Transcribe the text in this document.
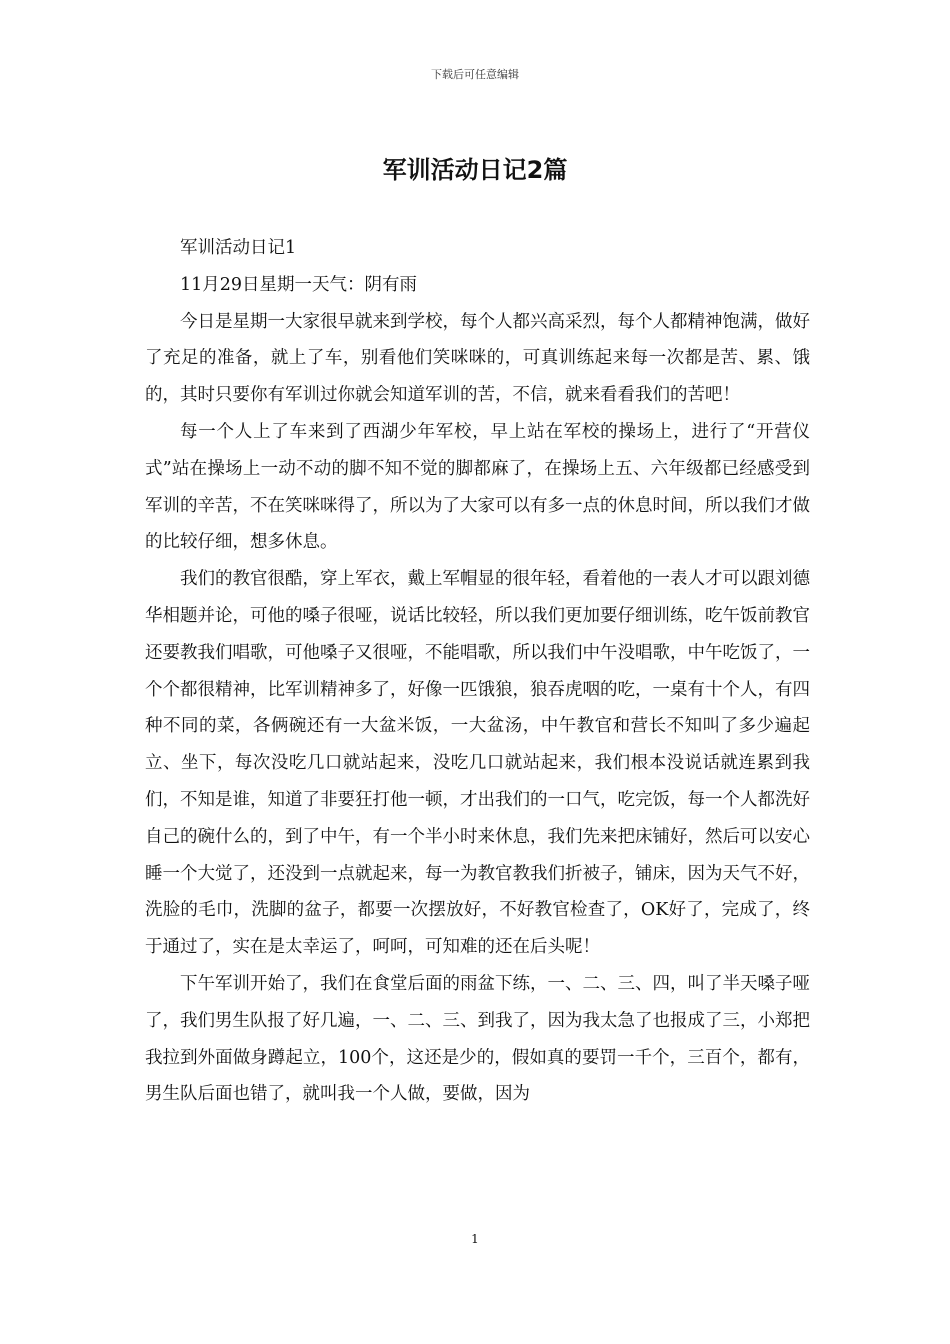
下载后可任意编辑
军训活动日记2篇

军训活动日记1

11月29日星期一天气：阴有雨

今日是星期一大家很早就来到学校，每个人都兴高采烈，每个人都精神饱满，做好了充足的准备，就上了车，别看他们笑咪咪的，可真训练起来每一次都是苦、累、饿的，其时只要你有军训过你就会知道军训的苦，不信，就来看看我们的苦吧！

每一个人上了车来到了西湖少年军校，早上站在军校的操场上，进行了“开营仪式”站在操场上一动不动的脚不知不觉的脚都麻了，在操场上五、六年级都已经感受到军训的辛苦，不在笑咪咪得了，所以为了大家可以有多一点的休息时间，所以我们才做的比较仔细，想多休息。

我们的教官很酷，穿上军衣，戴上军帽显的很年轻，看着他的一表人才可以跟刘德华相题并论，可他的嗓子很哑，说话比较轻，所以我们更加要仔细训练，吃午饭前教官还要教我们唱歌，可他嗓子又很哑，不能唱歌，所以我们中午没唱歌，中午吃饭了，一个个都很精神，比军训精神多了，好像一匹饿狼，狼吞虎咽的吃，一桌有十个人，有四种不同的菜，各俩碗还有一大盆米饭，一大盆汤，中午教官和营长不知叫了多少遍起立、坐下，每次没吃几口就站起来，没吃几口就站起来，我们根本没说话就连累到我们，不知是谁，知道了非要狂打他一顿，才出我们的一口气，吃完饭，每一个人都洗好自己的碗什么的，到了中午，有一个半小时来休息，我们先来把床铺好，然后可以安心睡一个大觉了，还没到一点就起来，每一为教官教我们折被子，铺床，因为天气不好，洗脸的毛巾，洗脚的盆子，都要一次摆放好，不好教官检查了，OK好了，完成了，终于通过了，实在是太幸运了，呵呵，可知难的还在后头呢！

下午军训开始了，我们在食堂后面的雨盆下练，一、二、三、四，叫了半天嗓子哑了，我们男生队报了好几遍，一、二、三、到我了，因为我太急了也报成了三，小郑把我拉到外面做身蹲起立，100个，这还是少的，假如真的要罚一千个，三百个，都有，男生队后面也错了，就叫我一个人做，要做，因为

1
